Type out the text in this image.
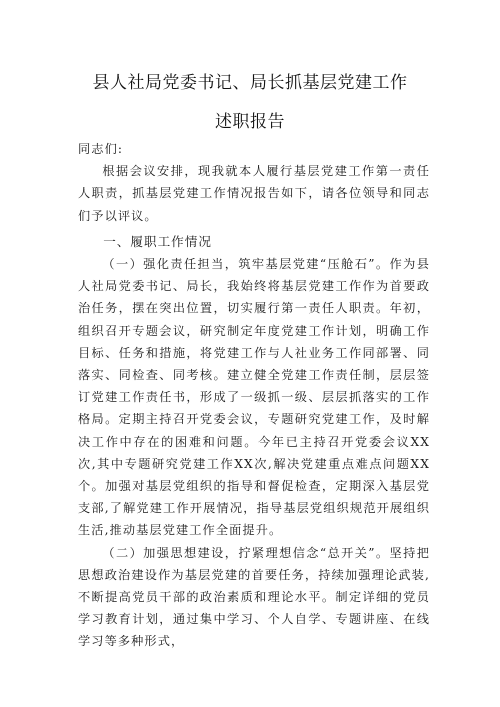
县人社局党委书记、局长抓基层党建工作
述职报告

同志们:

根据会议安排，现我就本人履行基层党建工作第一责任人职责，抓基层党建工作情况报告如下，请各位领导和同志们予以评议。

一、履职工作情况

（一）强化责任担当，筑牢基层党建“压舱石”。作为县人社局党委书记、局长，我始终将基层党建工作作为首要政治任务，摆在突出位置，切实履行第一责任人职责。年初，组织召开专题会议，研究制定年度党建工作计划，明确工作目标、任务和措施，将党建工作与人社业务工作同部署、同落实、同检查、同考核。建立健全党建工作责任制，层层签订党建工作责任书，形成了一级抓一级、层层抓落实的工作格局。定期主持召开党委会议，专题研究党建工作，及时解决工作中存在的困难和问题。今年已主持召开党委会议XX次,其中专题研究党建工作XX次,解决党建重点难点问题XX个。加强对基层党组织的指导和督促检查，定期深入基层党支部,了解党建工作开展情况，指导基层党组织规范开展组织生活,推动基层党建工作全面提升。

（二）加强思想建设，拧紧理想信念“总开关”。坚持把思想政治建设作为基层党建的首要任务，持续加强理论武装,不断提高党员干部的政治素质和理论水平。制定详细的党员学习教育计划，通过集中学习、个人自学、专题讲座、在线学习等多种形式，
